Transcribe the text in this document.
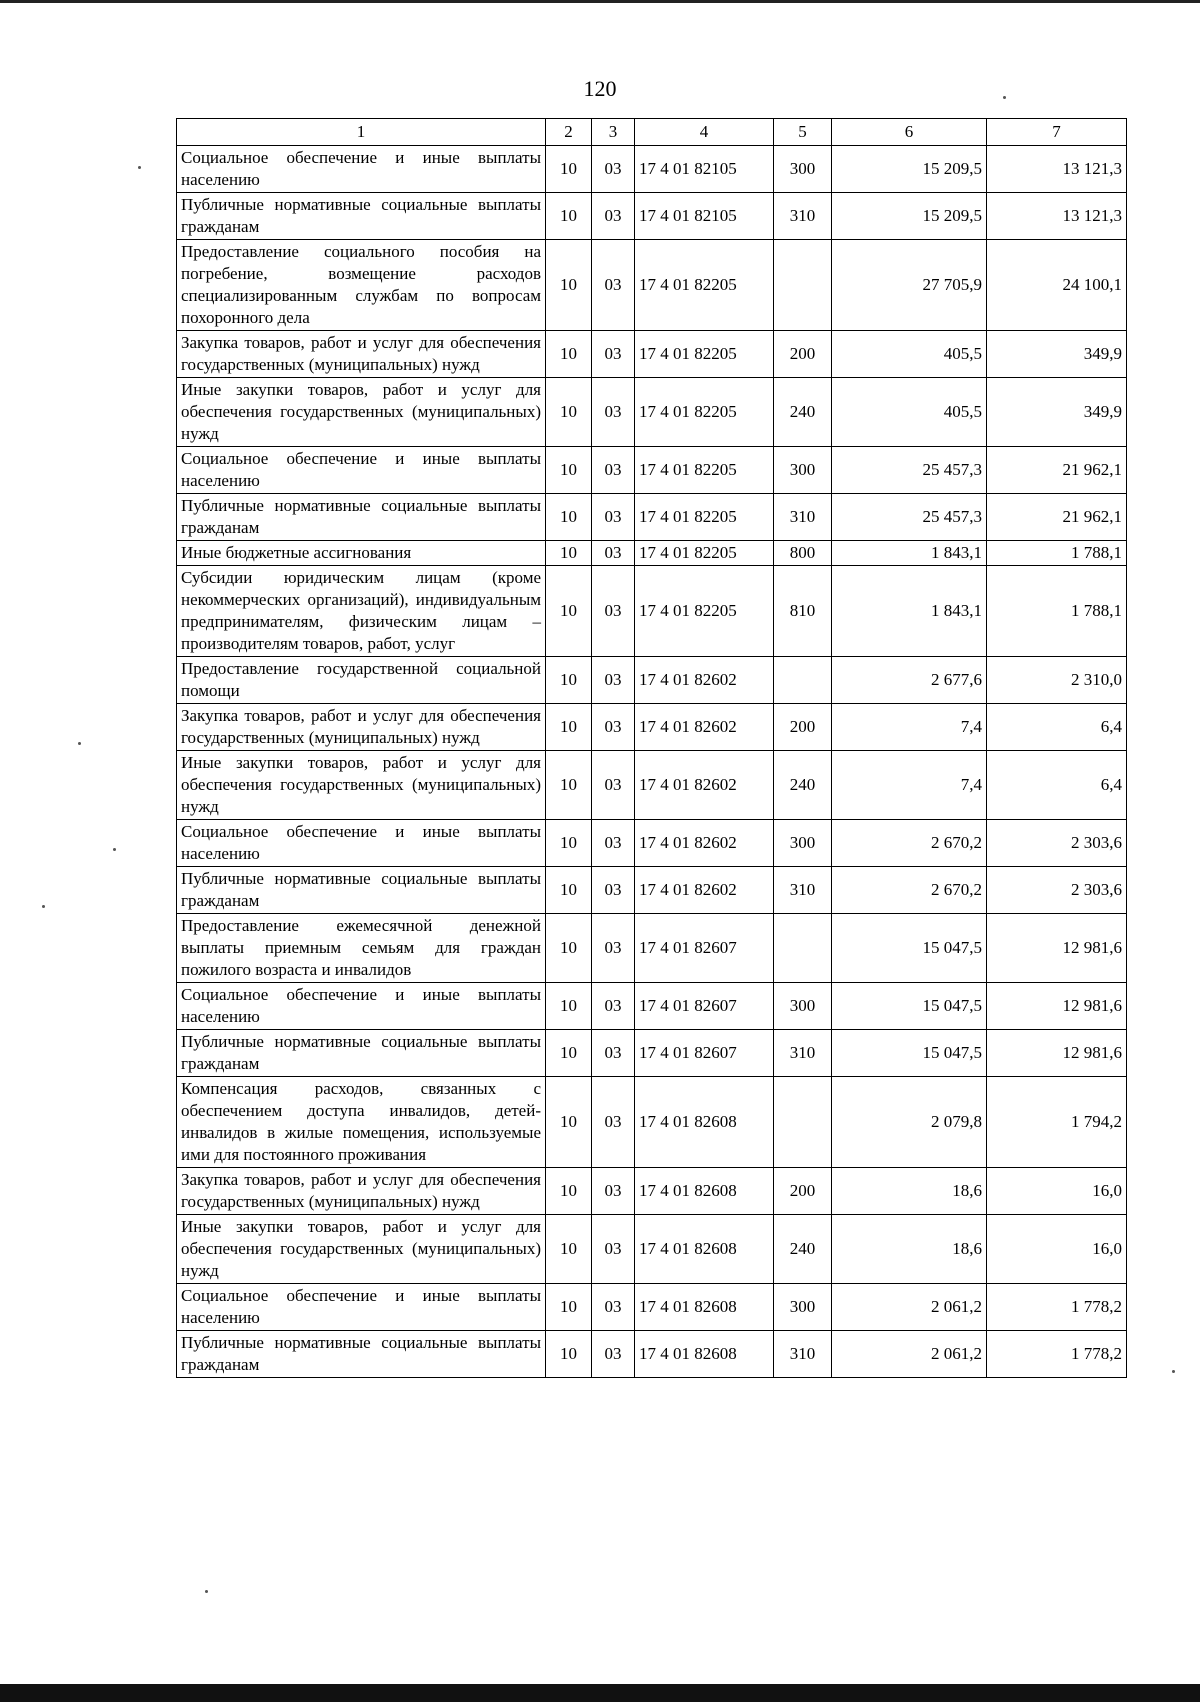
120
1	2	3	4	5	6	7
Социальное обеспечение и иные выплаты населению	10	03	17 4 01 82105	300	15 209,5	13 121,3
Публичные нормативные социальные выплаты гражданам	10	03	17 4 01 82105	310	15 209,5	13 121,3
Предоставление социального пособия на погребение, возмещение расходов специализированным службам по вопросам похоронного дела	10	03	17 4 01 82205		27 705,9	24 100,1
Закупка товаров, работ и услуг для обеспечения государственных (муниципальных) нужд	10	03	17 4 01 82205	200	405,5	349,9
Иные закупки товаров, работ и услуг для обеспечения государственных (муниципальных) нужд	10	03	17 4 01 82205	240	405,5	349,9
Социальное обеспечение и иные выплаты населению	10	03	17 4 01 82205	300	25 457,3	21 962,1
Публичные нормативные социальные выплаты гражданам	10	03	17 4 01 82205	310	25 457,3	21 962,1
Иные бюджетные ассигнования	10	03	17 4 01 82205	800	1 843,1	1 788,1
Субсидии юридическим лицам (кроме некоммерческих организаций), индивидуальным предпринимателям, физическим лицам – производителям товаров, работ, услуг	10	03	17 4 01 82205	810	1 843,1	1 788,1
Предоставление государственной социальной помощи	10	03	17 4 01 82602		2 677,6	2 310,0
Закупка товаров, работ и услуг для обеспечения государственных (муниципальных) нужд	10	03	17 4 01 82602	200	7,4	6,4
Иные закупки товаров, работ и услуг для обеспечения государственных (муниципальных) нужд	10	03	17 4 01 82602	240	7,4	6,4
Социальное обеспечение и иные выплаты населению	10	03	17 4 01 82602	300	2 670,2	2 303,6
Публичные нормативные социальные выплаты гражданам	10	03	17 4 01 82602	310	2 670,2	2 303,6
Предоставление ежемесячной денежной выплаты приемным семьям для граждан пожилого возраста и инвалидов	10	03	17 4 01 82607		15 047,5	12 981,6
Социальное обеспечение и иные выплаты населению	10	03	17 4 01 82607	300	15 047,5	12 981,6
Публичные нормативные социальные выплаты гражданам	10	03	17 4 01 82607	310	15 047,5	12 981,6
Компенсация расходов, связанных с обеспечением доступа инвалидов, детей-инвалидов в жилые помещения, используемые ими для постоянного проживания	10	03	17 4 01 82608		2 079,8	1 794,2
Закупка товаров, работ и услуг для обеспечения государственных (муниципальных) нужд	10	03	17 4 01 82608	200	18,6	16,0
Иные закупки товаров, работ и услуг для обеспечения государственных (муниципальных) нужд	10	03	17 4 01 82608	240	18,6	16,0
Социальное обеспечение и иные выплаты населению	10	03	17 4 01 82608	300	2 061,2	1 778,2
Публичные нормативные социальные выплаты гражданам	10	03	17 4 01 82608	310	2 061,2	1 778,2
